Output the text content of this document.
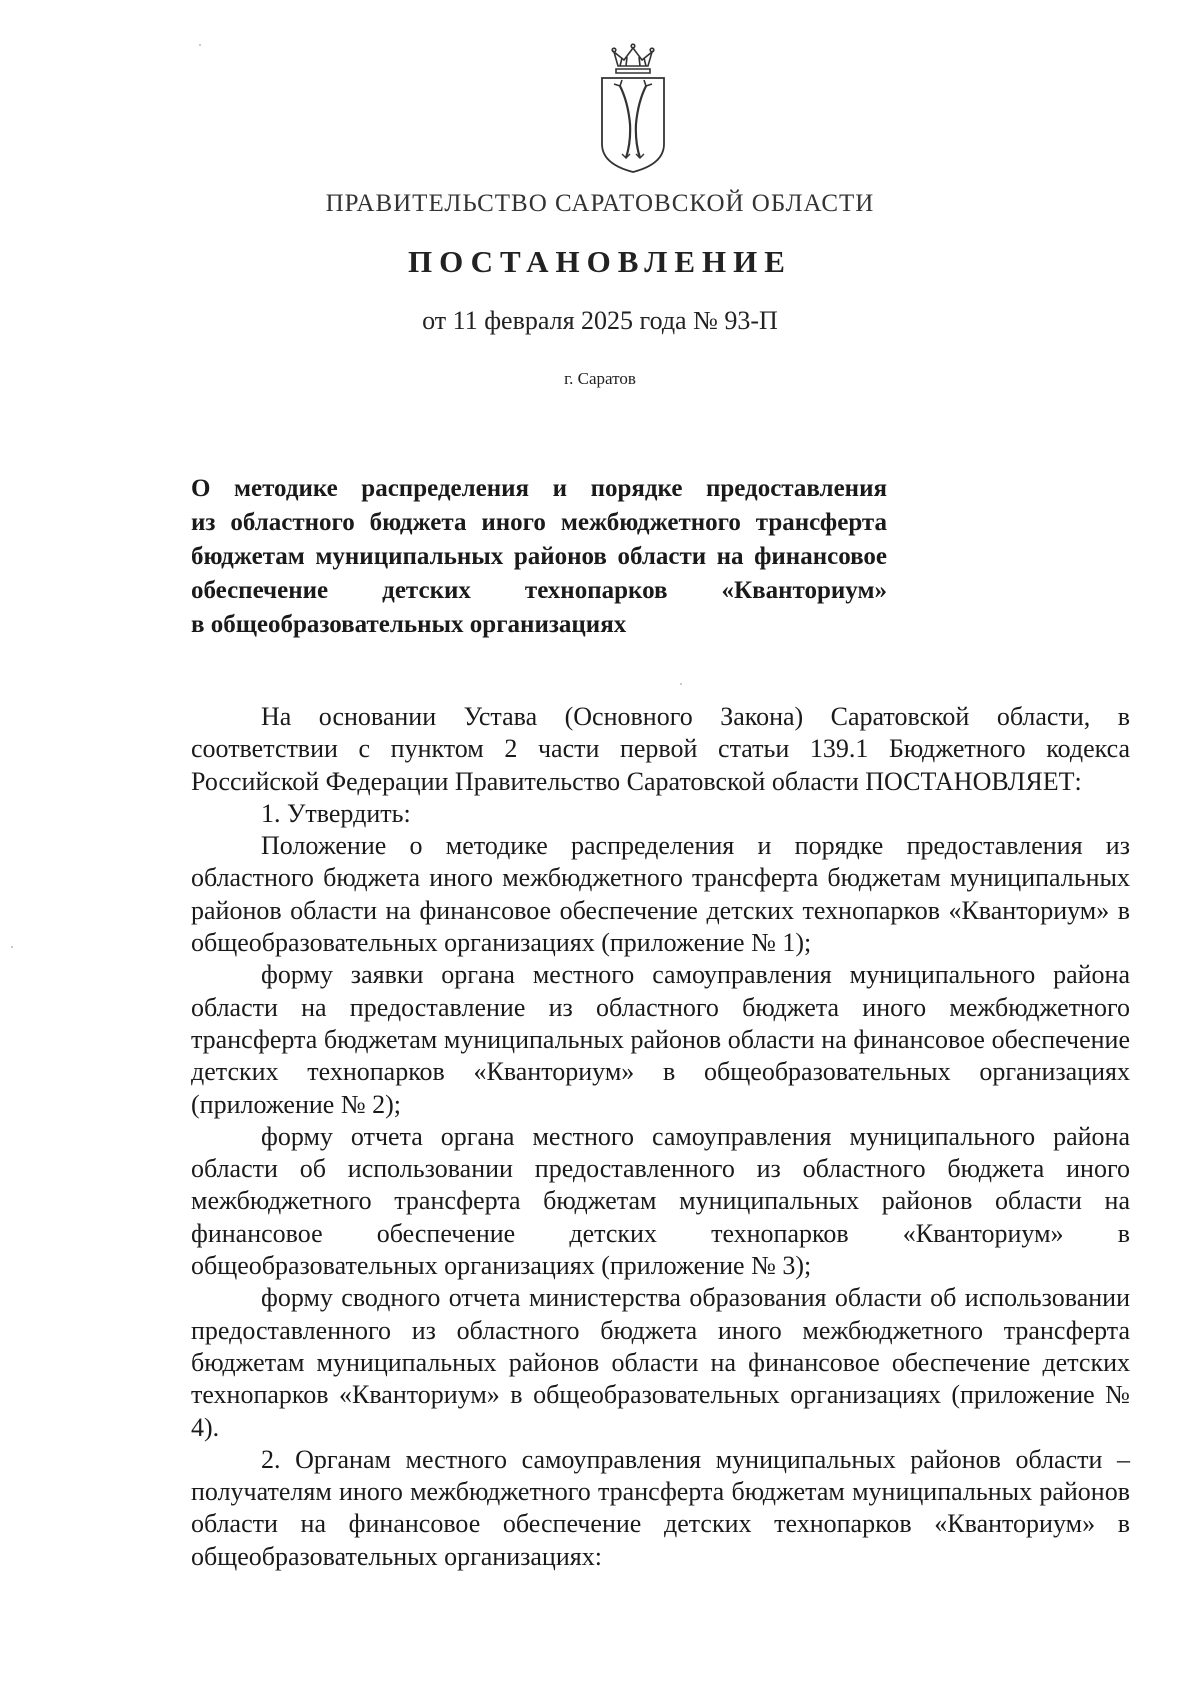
ПРАВИТЕЛЬСТВО САРАТОВСКОЙ ОБЛАСТИ
ПОСТАНОВЛЕНИЕ
от 11 февраля 2025 года № 93-П
г. Саратов
О методике распределения и порядке предоставления
из областного бюджета иного межбюджетного трансферта
бюджетам муниципальных районов области на финансовое
обеспечение детских технопарков «Кванториум»
в общеобразовательных организациях

На основании Устава (Основного Закона) Саратовской области, в соответствии с пунктом 2 части первой статьи 139.1 Бюджетного кодекса Российской Федерации Правительство Саратовской области ПОСТАНОВЛЯЕТ:

1. Утвердить:

Положение о методике распределения и порядке предоставления из областного бюджета иного межбюджетного трансферта бюджетам муниципальных районов области на финансовое обеспечение детских технопарков «Кванториум» в общеобразовательных организациях (приложение № 1);

форму заявки органа местного самоуправления муниципального района области на предоставление из областного бюджета иного межбюджетного трансферта бюджетам муниципальных районов области на финансовое обеспечение детских технопарков «Кванториум» в общеобразовательных организациях (приложение № 2);

форму отчета органа местного самоуправления муниципального района области об использовании предоставленного из областного бюджета иного межбюджетного трансферта бюджетам муниципальных районов области на финансовое обеспечение детских технопарков «Кванториум» в общеобразовательных организациях (приложение № 3);

форму сводного отчета министерства образования области об использовании предоставленного из областного бюджета иного межбюджетного трансферта бюджетам муниципальных районов области на финансовое обеспечение детских технопарков «Кванториум» в общеобразовательных организациях (приложение № 4).

2. Органам местного самоуправления муниципальных районов области – получателям иного межбюджетного трансферта бюджетам муниципальных районов области на финансовое обеспечение детских технопарков «Кванториум» в общеобразовательных организациях:
